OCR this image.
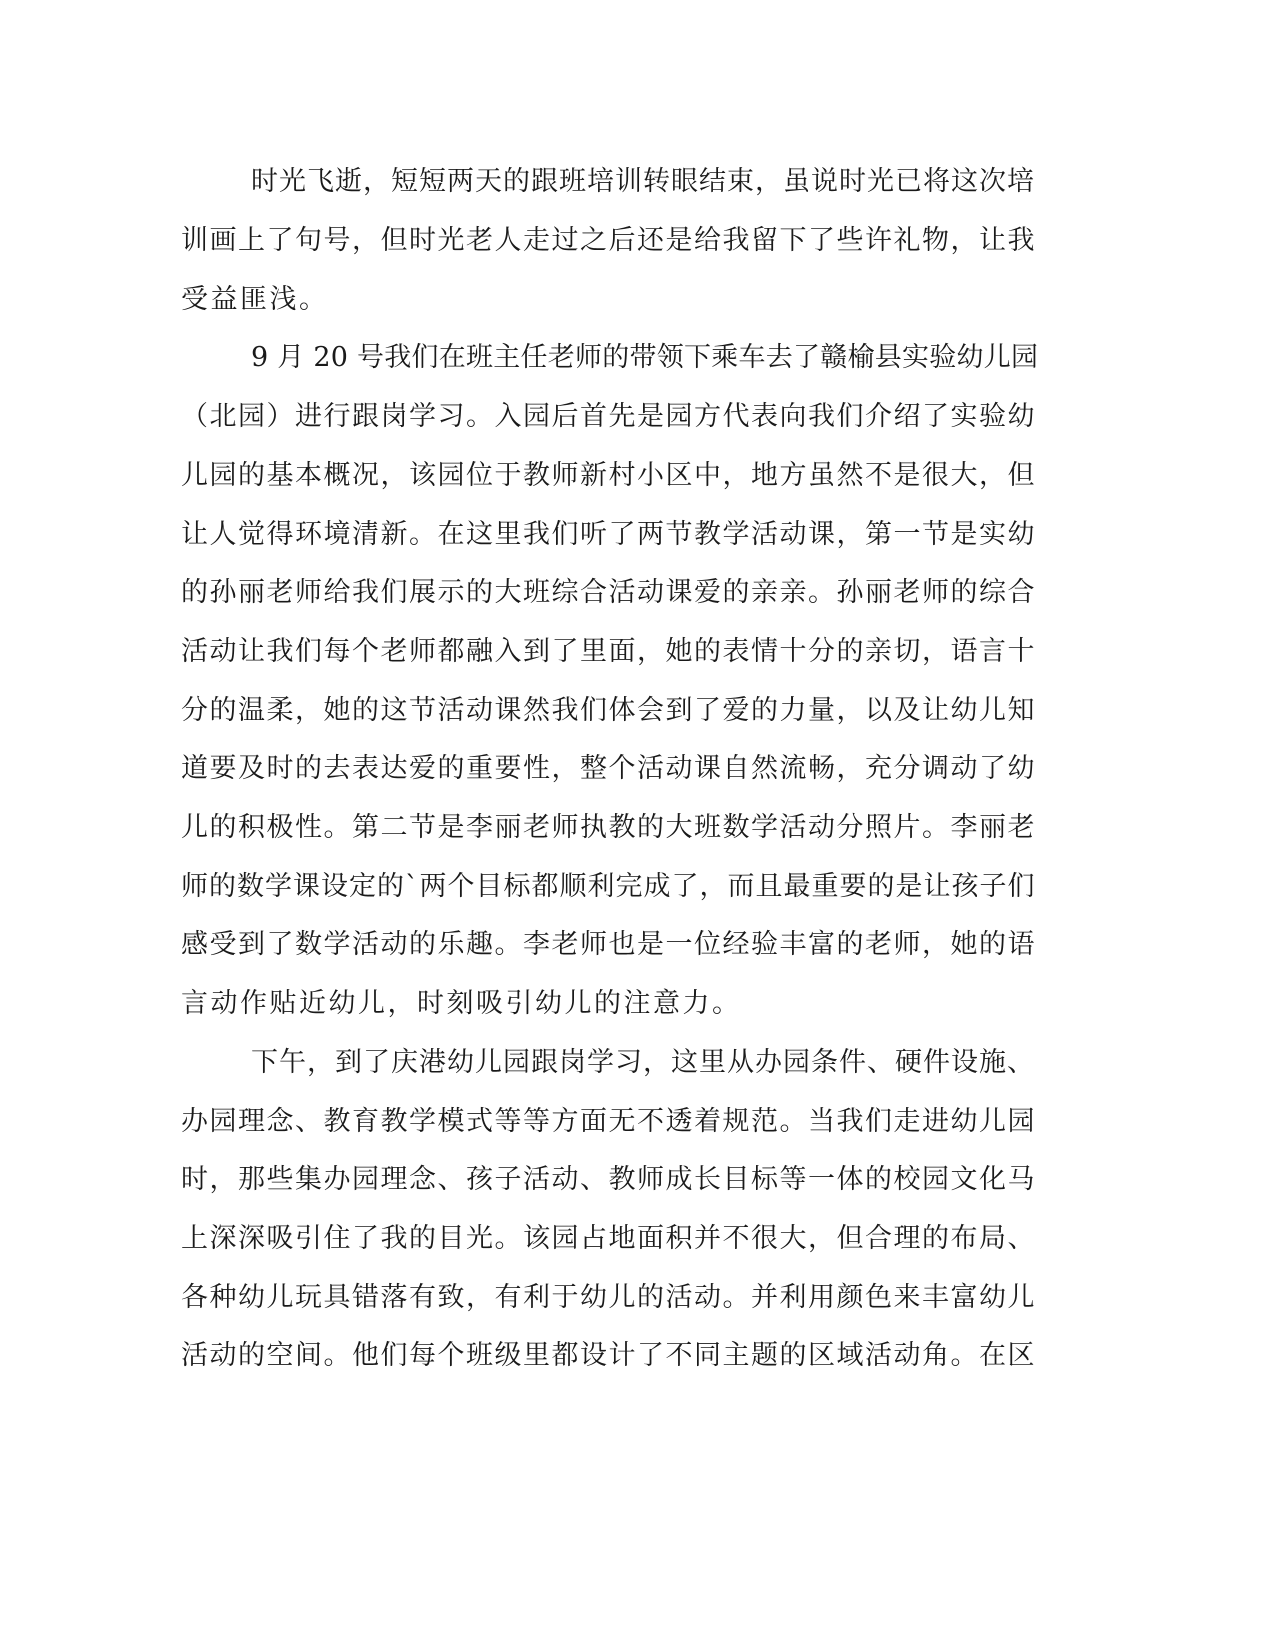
时光飞逝，短短两天的跟班培训转眼结束，虽说时光已将这次培
训画上了句号，但时光老人走过之后还是给我留下了些许礼物，让我
受益匪浅。
9 月 20 号我们在班主任老师的带领下乘车去了赣榆县实验幼儿园
（北园）进行跟岗学习。入园后首先是园方代表向我们介绍了实验幼
儿园的基本概况，该园位于教师新村小区中，地方虽然不是很大，但
让人觉得环境清新。在这里我们听了两节教学活动课，第一节是实幼
的孙丽老师给我们展示的大班综合活动课爱的亲亲。孙丽老师的综合
活动让我们每个老师都融入到了里面，她的表情十分的亲切，语言十
分的温柔，她的这节活动课然我们体会到了爱的力量，以及让幼儿知
道要及时的去表达爱的重要性，整个活动课自然流畅，充分调动了幼
儿的积极性。第二节是李丽老师执教的大班数学活动分照片。李丽老
师的数学课设定的`两个目标都顺利完成了，而且最重要的是让孩子们
感受到了数学活动的乐趣。李老师也是一位经验丰富的老师，她的语
言动作贴近幼儿，时刻吸引幼儿的注意力。
下午，到了庆港幼儿园跟岗学习，这里从办园条件、硬件设施、
办园理念、教育教学模式等等方面无不透着规范。当我们走进幼儿园
时，那些集办园理念、孩子活动、教师成长目标等一体的校园文化马
上深深吸引住了我的目光。该园占地面积并不很大，但合理的布局、
各种幼儿玩具错落有致，有利于幼儿的活动。并利用颜色来丰富幼儿
活动的空间。他们每个班级里都设计了不同主题的区域活动角。在区
